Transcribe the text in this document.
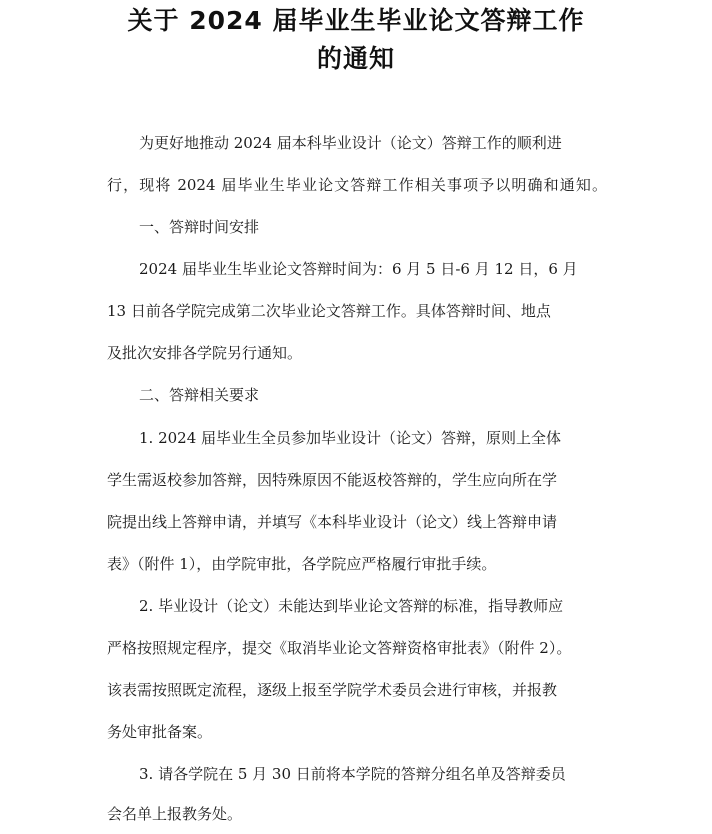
关于 2024 届毕业生毕业论文答辩工作
的通知
为更好地推动 2024 届本科毕业设计（论文）答辩工作的顺利进
行，现将 2024 届毕业生毕业论文答辩工作相关事项予以明确和通知。
一、答辩时间安排
2024 届毕业生毕业论文答辩时间为：6 月 5 日-6 月 12 日，6 月
13 日前各学院完成第二次毕业论文答辩工作。具体答辩时间、地点
及批次安排各学院另行通知。
二、答辩相关要求
1. 2024 届毕业生全员参加毕业设计（论文）答辩，原则上全体
学生需返校参加答辩，因特殊原因不能返校答辩的，学生应向所在学
院提出线上答辩申请，并填写《本科毕业设计（论文）线上答辩申请
表》（附件 1），由学院审批，各学院应严格履行审批手续。
2. 毕业设计（论文）未能达到毕业论文答辩的标准，指导教师应
严格按照规定程序，提交《取消毕业论文答辩资格审批表》（附件 2）。
该表需按照既定流程，逐级上报至学院学术委员会进行审核，并报教
务处审批备案。
3. 请各学院在 5 月 30 日前将本学院的答辩分组名单及答辩委员
会名单上报教务处。
